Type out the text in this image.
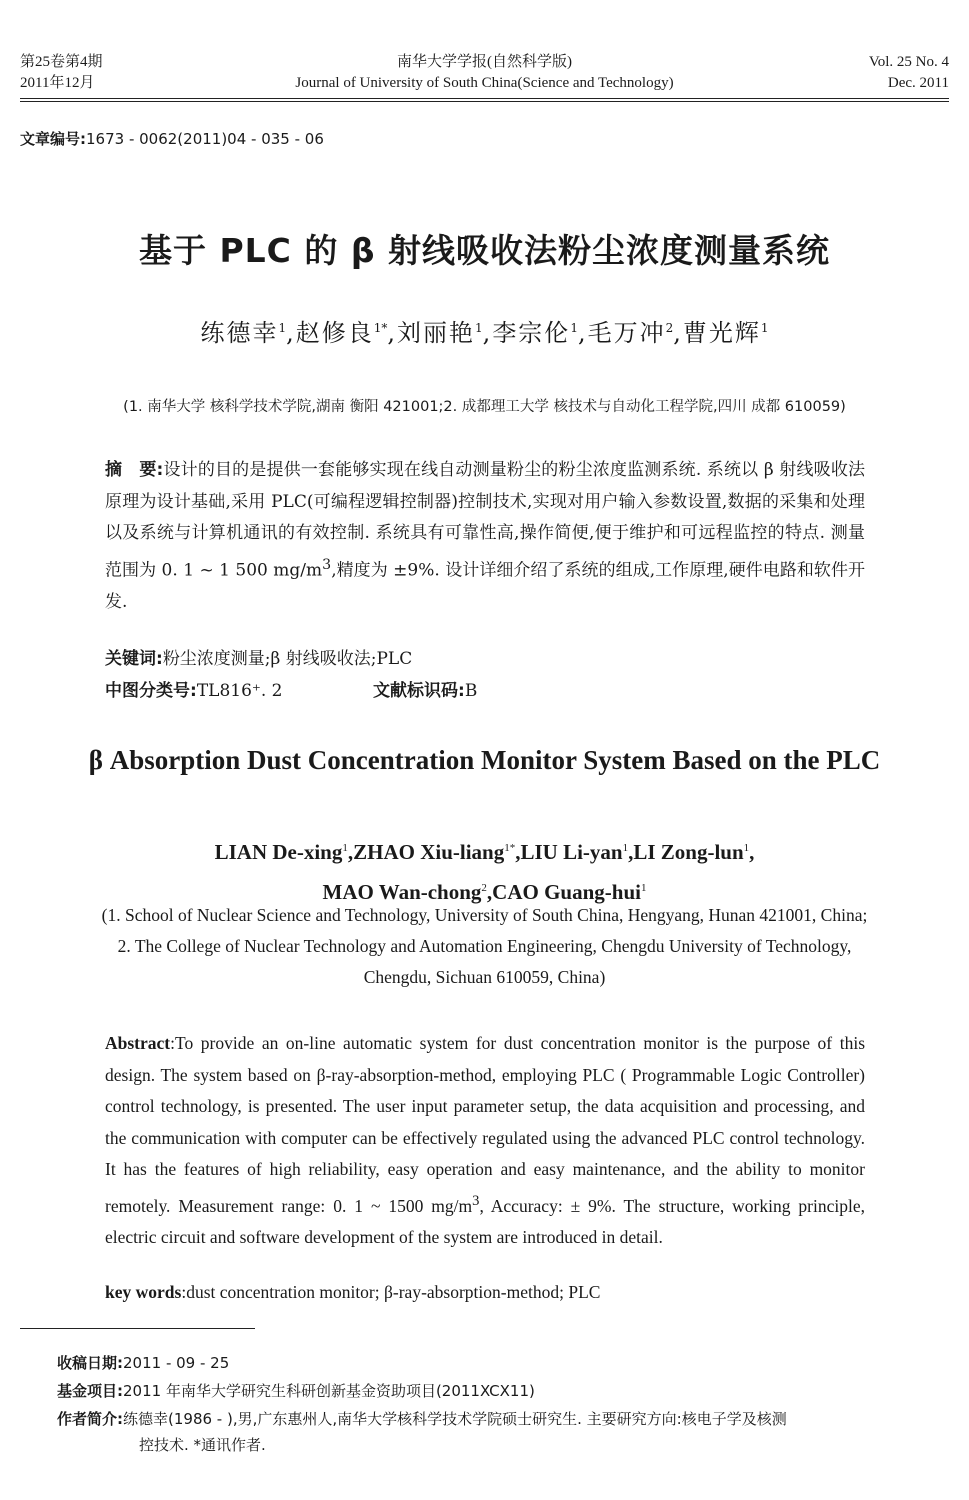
第25卷第4期
2011年12月
南华大学学报(自然科学版)
Journal of University of South China(Science and Technology)
Vol. 25 No. 4
Dec. 2011
文章编号:1673 - 0062(2011)04 - 035 - 06
基于 PLC 的 β 射线吸收法粉尘浓度测量系统
练德幸$^1$,赵修良$^{1*}$,刘丽艳$^1$,李宗伦$^1$,毛万冲$^2$,曹光辉$^1$
(1. 南华大学 核科学技术学院,湖南 衡阳 421001;2. 成都理工大学 核技术与自动化工程学院,四川 成都 610059)
摘　要:设计的目的是提供一套能够实现在线自动测量粉尘的粉尘浓度监测系统. 系统以 β 射线吸收法原理为设计基础,采用 PLC(可编程逻辑控制器)控制技术,实现对用户输入参数设置,数据的采集和处理以及系统与计算机通讯的有效控制. 系统具有可靠性高,操作简便,便于维护和可远程监控的特点. 测量范围为 0. 1 ~ 1 500 $mg/m^3$,精度为 ±9%. 设计详细介绍了系统的组成,工作原理,硬件电路和软件开发.
关键词:粉尘浓度测量;β 射线吸收法;PLC
中图分类号:TL816⁺. 2	文献标识码:B
β Absorption Dust Concentration Monitor System Based on the PLC
LIAN De-xing$^1$,ZHAO Xiu-liang$^{1*}$,LIU Li-yan$^1$,LI Zong-lun$^1$,
MAO Wan-chong$^2$,CAO Guang-hui$^1$
(1. School of Nuclear Science and Technology, University of South China, Hengyang, Hunan 421001, China;
2. The College of Nuclear Technology and Automation Engineering, Chengdu University of Technology,
Chengdu, Sichuan 610059, China)
Abstract:To provide an on-line automatic system for dust concentration monitor is the purpose of this design. The system based on β-ray-absorption-method, employing PLC ( Programmable Logic Controller) control technology, is presented. The user input parameter setup, the data acquisition and processing, and the communication with computer can be effectively regulated using the advanced PLC control technology. It has the features of high reliability, easy operation and easy maintenance, and the ability to monitor remotely. Measurement range: 0. 1 ~ 1500 $mg/m^3$, Accuracy: ± 9%. The structure, working principle, electric circuit and software development of the system are introduced in detail.
key words:dust concentration monitor; β-ray-absorption-method; PLC
收稿日期:2011 - 09 - 25
基金项目:2011 年南华大学研究生科研创新基金资助项目(2011XCX11)
作者简介:练德幸(1986 - ),男,广东惠州人,南华大学核科学技术学院硕士研究生. 主要研究方向:核电子学及核测
控技术. *通讯作者.
